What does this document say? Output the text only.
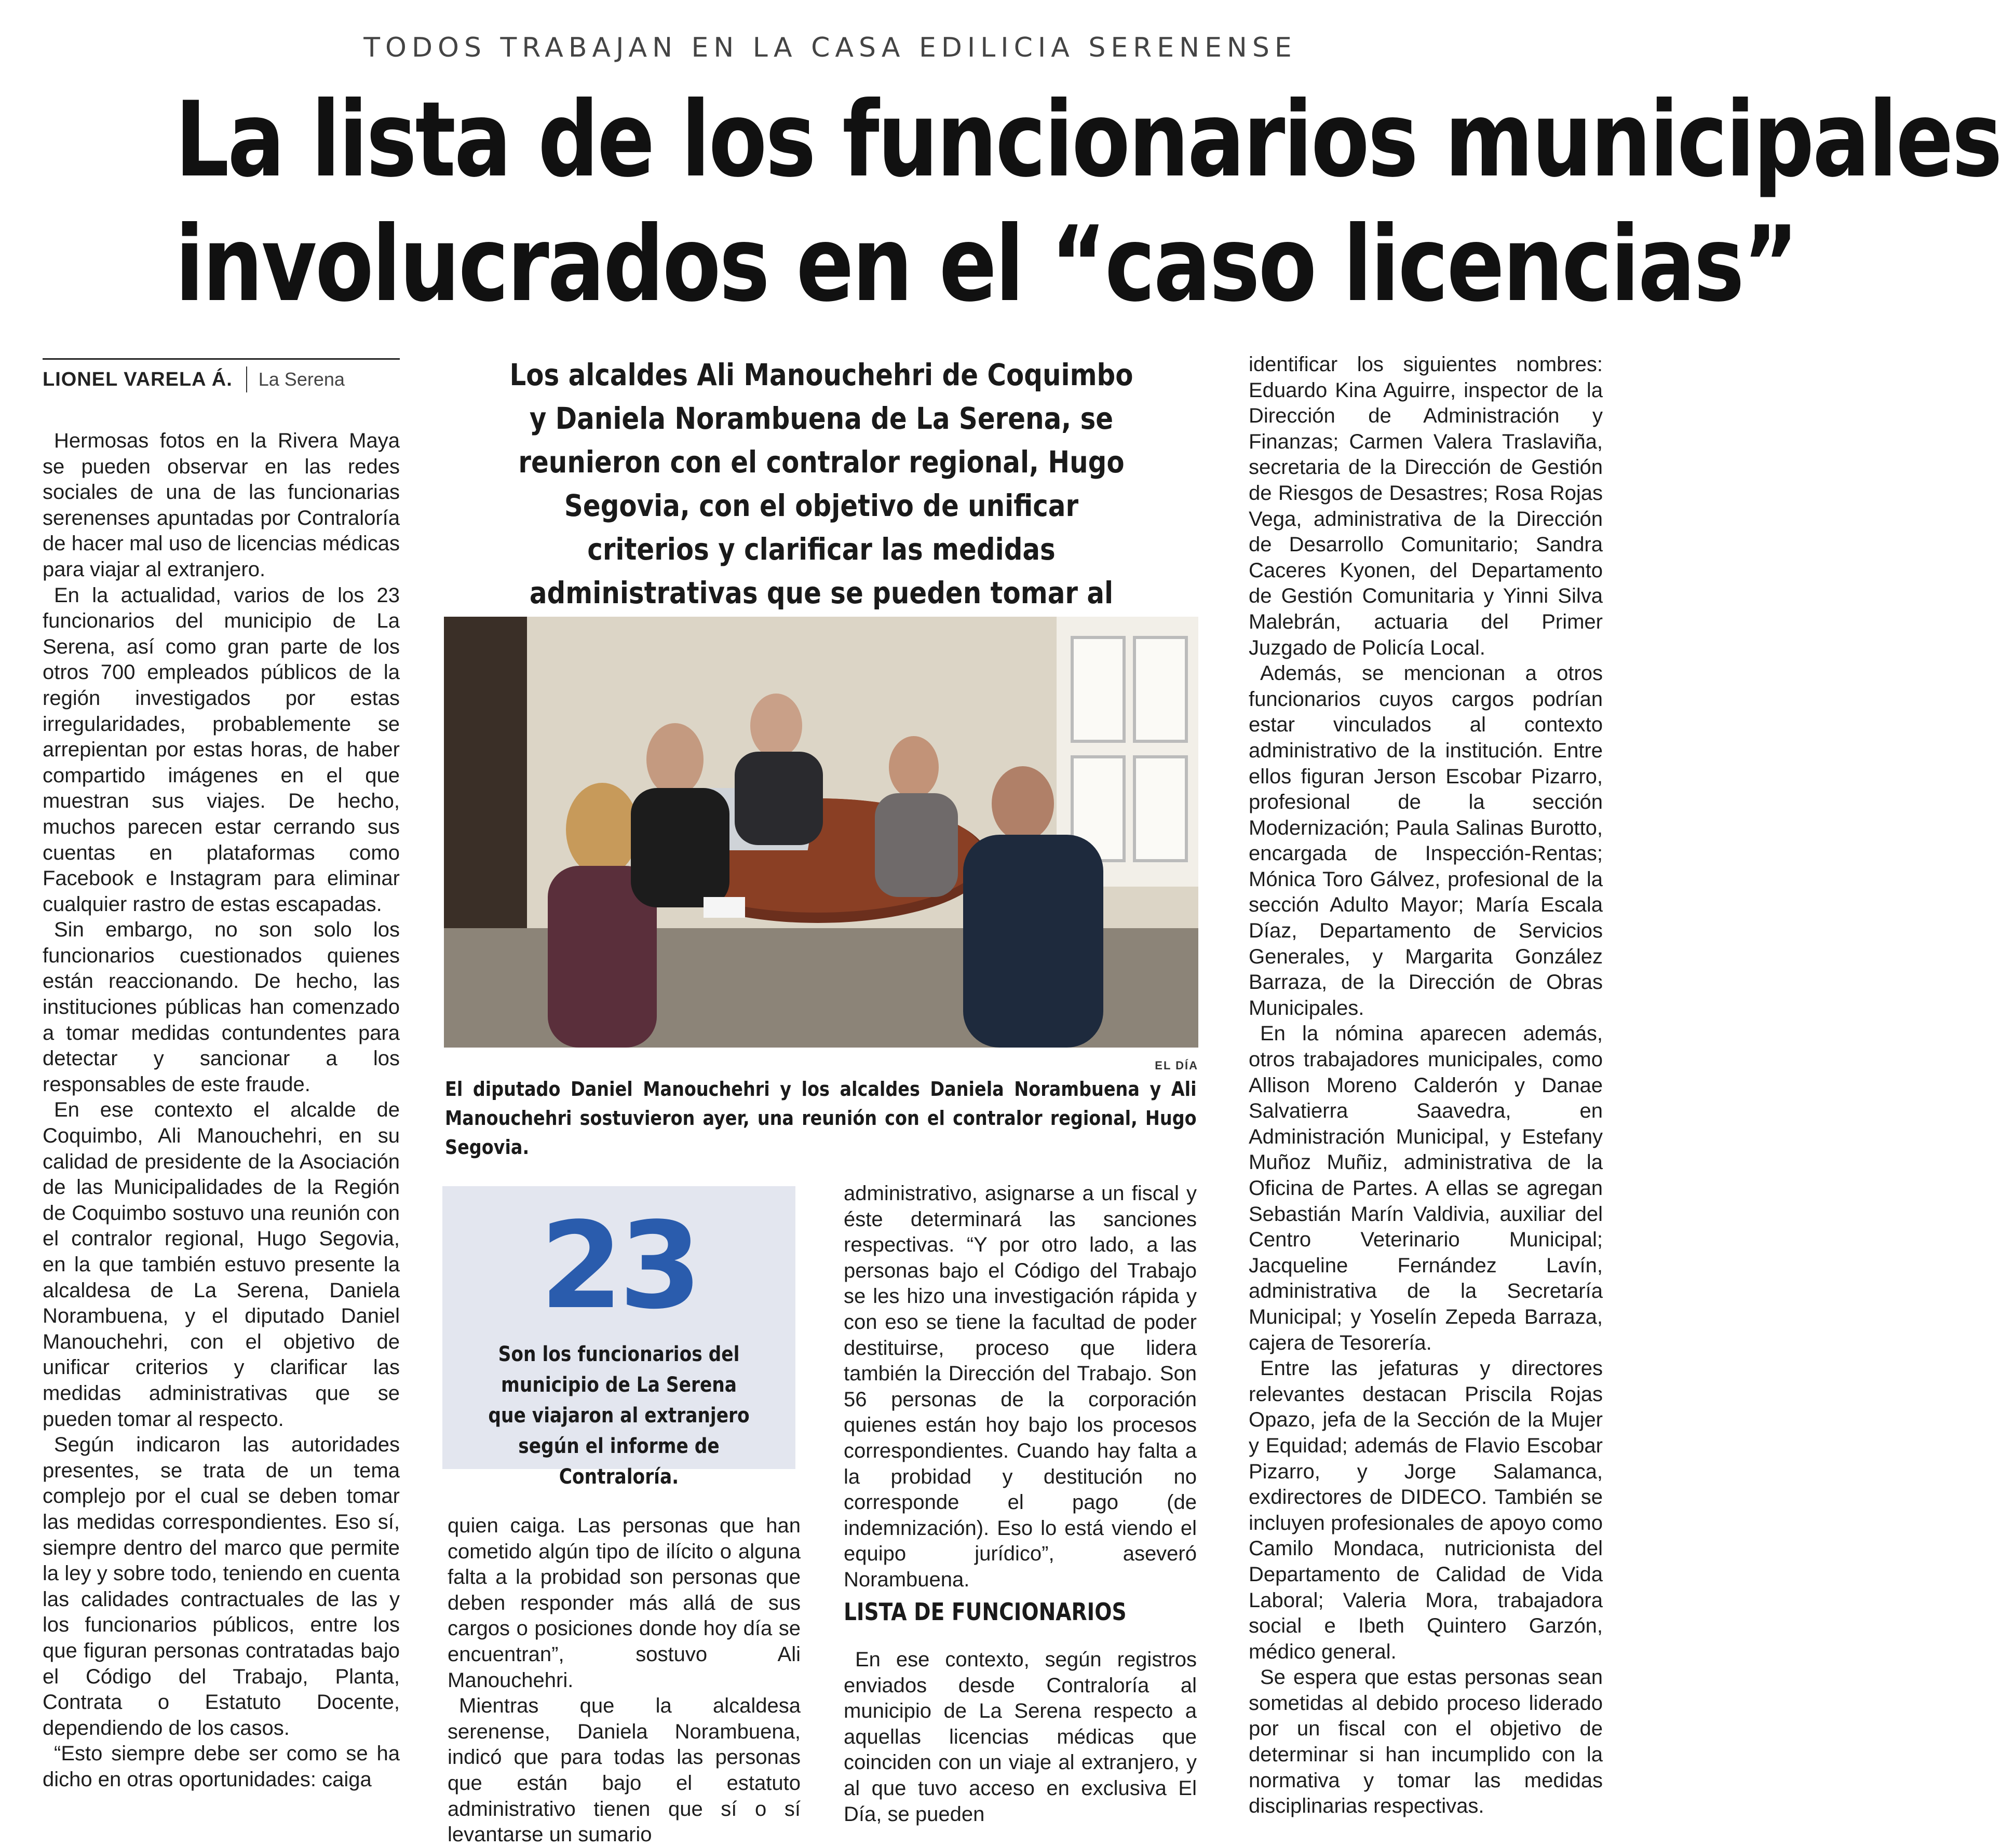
TODOS TRABAJAN EN LA CASA EDILICIA SERENENSE
La lista de los funcionarios municipales
involucrados en el “caso licencias”
LIONEL VARELA Á. La Serena

Hermosas fotos en la Rivera Maya se pueden observar en las redes sociales de una de las funcionarias serenenses apuntadas por Contraloría de hacer mal uso de licencias médicas para viajar al extranjero.

En la actualidad, varios de los 23 funcionarios del municipio de La Serena, así como gran parte de los otros 700 empleados públicos de la región investigados por estas irregularidades, probablemente se arrepientan por estas horas, de haber compartido imágenes en el que muestran sus viajes. De hecho, muchos parecen estar cerrando sus cuentas en plataformas como Facebook e Instagram para eliminar cualquier rastro de estas escapadas.

Sin embargo, no son solo los funcionarios cuestionados quienes están reaccionando. De hecho, las instituciones públicas han comenzado a tomar medidas contundentes para detectar y sancionar a los responsables de este fraude.

En ese contexto el alcalde de Coquimbo, Ali Manouchehri, en su calidad de presidente de la Asociación de las Municipalidades de la Región de Coquimbo sostuvo una reunión con el contralor regional, Hugo Segovia, en la que también estuvo presente la alcaldesa de La Serena, Daniela Norambuena, y el diputado Daniel Manouchehri, con el objetivo de unificar criterios y clarificar las medidas administrativas que se pueden tomar al respecto.

Según indicaron las autoridades presentes, se trata de un tema complejo por el cual se deben tomar las medidas correspondientes. Eso sí, siempre dentro del marco que permite la ley y sobre todo, teniendo en cuenta las calidades contractuales de las y los funcionarios públicos, entre los que figuran personas contratadas bajo el Código del Trabajo, Planta, Contrata o Estatuto Docente, dependiendo de los casos.

“Esto siempre debe ser como se ha dicho en otras oportunidades: caiga

Los alcaldes Ali Manouchehri de Coquimbo y Daniela Norambuena de La Serena, se reunieron con el contralor regional, Hugo Segovia, con el objetivo de unificar criterios y clarificar las medidas administrativas que se pueden tomar al

EL DÍA

El diputado Daniel Manouchehri y los alcaldes Daniela Norambuena y Ali Manouchehri sostuvieron ayer, una reunión con el contralor regional, Hugo Segovia.

23
Son los funcionarios del municipio de La Serena que viajaron al extranjero según el informe de Contraloría.

quien caiga. Las personas que han cometido algún tipo de ilícito o alguna falta a la probidad son personas que deben responder más allá de sus cargos o posiciones donde hoy día se encuentran”, sostuvo Ali Manouchehri.

Mientras que la alcaldesa serenense, Daniela Norambuena, indicó que para todas las personas que están bajo el estatuto administrativo tienen que sí o sí levantarse un sumario

administrativo, asignarse a un fiscal y éste determinará las sanciones respectivas. “Y por otro lado, a las personas bajo el Código del Trabajo se les hizo una investigación rápida y con eso se tiene la facultad de poder destituirse, proceso que lidera también la Dirección del Trabajo. Son 56 personas de la corporación quienes están hoy bajo los procesos correspondientes. Cuando hay falta a la probidad y destitución no corresponde el pago (de indemnización). Eso lo está viendo el equipo jurídico”, aseveró Norambuena.

LISTA DE FUNCIONARIOS

En ese contexto, según registros enviados desde Contraloría al municipio de La Serena respecto a aquellas licencias médicas que coinciden con un viaje al extranjero, y al que tuvo acceso en exclusiva El Día, se pueden

identificar los siguientes nombres: Eduardo Kina Aguirre, inspector de la Dirección de Administración y Finanzas; Carmen Valera Traslaviña, secretaria de la Dirección de Gestión de Riesgos de Desastres; Rosa Rojas Vega, administrativa de la Dirección de Desarrollo Comunitario; Sandra Caceres Kyonen, del Departamento de Gestión Comunitaria y Yinni Silva Malebrán, actuaria del Primer Juzgado de Policía Local.

Además, se mencionan a otros funcionarios cuyos cargos podrían estar vinculados al contexto administrativo de la institución. Entre ellos figuran Jerson Escobar Pizarro, profesional de la sección Modernización; Paula Salinas Burotto, encargada de Inspección-Rentas; Mónica Toro Gálvez, profesional de la sección Adulto Mayor; María Escala Díaz, Departamento de Servicios Generales, y Margarita González Barraza, de la Dirección de Obras Municipales.

En la nómina aparecen además, otros trabajadores municipales, como Allison Moreno Calderón y Danae Salvatierra Saavedra, en Administración Municipal, y Estefany Muñoz Muñiz, administrativa de la Oficina de Partes. A ellas se agregan Sebastián Marín Valdivia, auxiliar del Centro Veterinario Municipal; Jacqueline Fernández Lavín, administrativa de la Secretaría Municipal; y Yoselín Zepeda Barraza, cajera de Tesorería.

Entre las jefaturas y directores relevantes destacan Priscila Rojas Opazo, jefa de la Sección de la Mujer y Equidad; además de Flavio Escobar Pizarro, y Jorge Salamanca, exdirectores de DIDECO. También se incluyen profesionales de apoyo como Camilo Mondaca, nutricionista del Departamento de Calidad de Vida Laboral; Valeria Mora, trabajadora social e Ibeth Quintero Garzón, médico general.

Se espera que estas personas sean sometidas al debido proceso liderado por un fiscal con el objetivo de determinar si han incumplido con la normativa y tomar las medidas disciplinarias respectivas.
